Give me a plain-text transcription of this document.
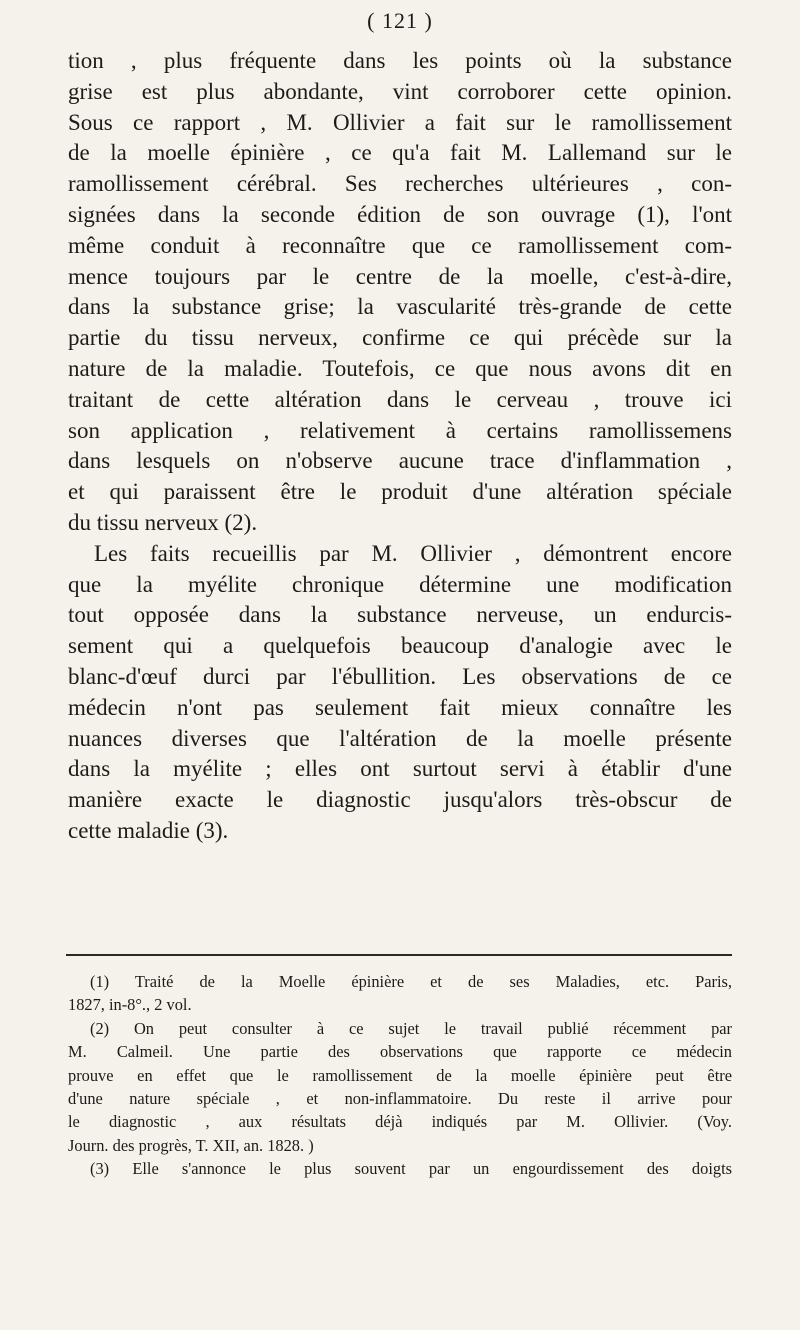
( 121 )
tion , plus fréquente dans les points où la substance
grise est plus abondante, vint corroborer cette opinion.
Sous ce rapport , M. Ollivier a fait sur le ramollissement
de la moelle épinière , ce qu'a fait M. Lallemand sur le
ramollissement cérébral. Ses recherches ultérieures , con-
signées dans la seconde édition de son ouvrage (1), l'ont
même conduit à reconnaître que ce ramollissement com-
mence toujours par le centre de la moelle, c'est-à-dire,
dans la substance grise; la vascularité très-grande de cette
partie du tissu nerveux, confirme ce qui précède sur la
nature de la maladie. Toutefois, ce que nous avons dit en
traitant de cette altération dans le cerveau , trouve ici
son application , relativement à certains ramollissemens
dans lesquels on n'observe aucune trace d'inflammation ,
et qui paraissent être le produit d'une altération spéciale
du tissu nerveux (2).
Les faits recueillis par M. Ollivier , démontrent encore
que la myélite chronique détermine une modification
tout opposée dans la substance nerveuse, un endurcis-
sement qui a quelquefois beaucoup d'analogie avec le
blanc-d'œuf durci par l'ébullition. Les observations de ce
médecin n'ont pas seulement fait mieux connaître les
nuances diverses que l'altération de la moelle présente
dans la myélite ; elles ont surtout servi à établir d'une
manière exacte le diagnostic jusqu'alors très-obscur de
cette maladie (3).
(1) Traité de la Moelle épinière et de ses Maladies, etc. Paris,
1827, in-8°., 2 vol.
(2) On peut consulter à ce sujet le travail publié récemment par
M. Calmeil. Une partie des observations que rapporte ce médecin
prouve en effet que le ramollissement de la moelle épinière peut être
d'une nature spéciale , et non-inflammatoire. Du reste il arrive pour
le diagnostic , aux résultats déjà indiqués par M. Ollivier. (Voy.
Journ. des progrès, T. XII, an. 1828. )
(3) Elle s'annonce le plus souvent par un engourdissement des doigts
